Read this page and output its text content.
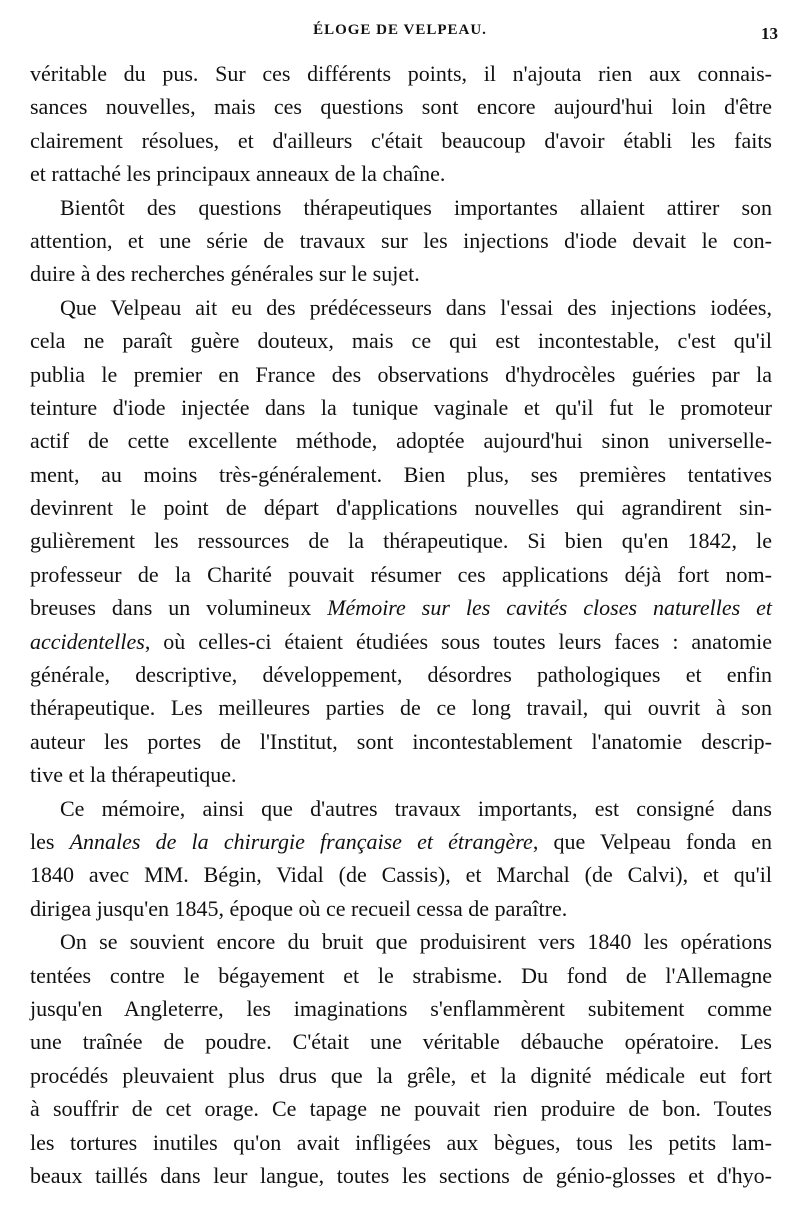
ÉLOGE DE VELPEAU.	13
véritable du pus. Sur ces différents points, il n'ajouta rien aux connais-
sances nouvelles, mais ces questions sont encore aujourd'hui loin d'être
clairement résolues, et d'ailleurs c'était beaucoup d'avoir établi les faits
et rattaché les principaux anneaux de la chaîne.
Bientôt des questions thérapeutiques importantes allaient attirer son
attention, et une série de travaux sur les injections d'iode devait le con-
duire à des recherches générales sur le sujet.
Que Velpeau ait eu des prédécesseurs dans l'essai des injections iodées,
cela ne paraît guère douteux, mais ce qui est incontestable, c'est qu'il
publia le premier en France des observations d'hydrocèles guéries par la
teinture d'iode injectée dans la tunique vaginale et qu'il fut le promoteur
actif de cette excellente méthode, adoptée aujourd'hui sinon universelle-
ment, au moins très-généralement. Bien plus, ses premières tentatives
devinrent le point de départ d'applications nouvelles qui agrandirent sin-
gulièrement les ressources de la thérapeutique. Si bien qu'en 1842, le
professeur de la Charité pouvait résumer ces applications déjà fort nom-
breuses dans un volumineux Mémoire sur les cavités closes naturelles et
accidentelles, où celles-ci étaient étudiées sous toutes leurs faces : anatomie
générale, descriptive, développement, désordres pathologiques et enfin
thérapeutique. Les meilleures parties de ce long travail, qui ouvrit à son
auteur les portes de l'Institut, sont incontestablement l'anatomie descrip-
tive et la thérapeutique.
Ce mémoire, ainsi que d'autres travaux importants, est consigné dans
les Annales de la chirurgie française et étrangère, que Velpeau fonda en
1840 avec MM. Bégin, Vidal (de Cassis), et Marchal (de Calvi), et qu'il
dirigea jusqu'en 1845, époque où ce recueil cessa de paraître.
On se souvient encore du bruit que produisirent vers 1840 les opérations
tentées contre le bégayement et le strabisme. Du fond de l'Allemagne
jusqu'en Angleterre, les imaginations s'enflammèrent subitement comme
une traînée de poudre. C'était une véritable débauche opératoire. Les
procédés pleuvaient plus drus que la grêle, et la dignité médicale eut fort
à souffrir de cet orage. Ce tapage ne pouvait rien produire de bon. Toutes
les tortures inutiles qu'on avait infligées aux bègues, tous les petits lam-
beaux taillés dans leur langue, toutes les sections de génio-glosses et d'hyo-
